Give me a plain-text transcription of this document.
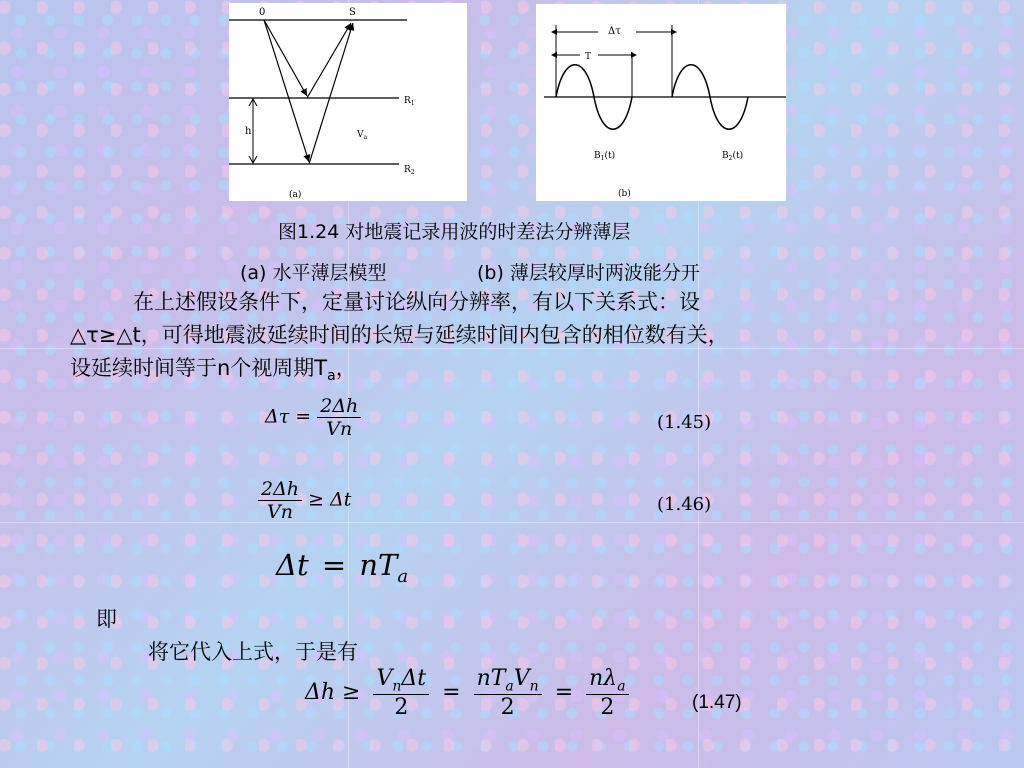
0	S
h
$R_1$
$R_2$
$V_a$
(a)
Δτ
T
$B_1(t)$	$B_2(t)$
(b)
图1.24 对地震记录用波的时差法分辨薄层
(a) 水平薄层模型	(b) 薄层较厚时两波能分开
在上述假设条件下，定量讨论纵向分辨率，有以下关系式：设
△τ≥△t，可得地震波延续时间的长短与延续时间内包含的相位数有关，
设延续时间等于n个视周期$T_a$，
$\Delta\tau = \frac{2\Delta h}{Vn}$	(1.45)
$\frac{2\Delta h}{Vn} \ge \Delta t$	(1.46)
$\Delta t = nT_a$
即
将它代入上式，于是有
$\Delta h \ge \frac{V_n\Delta t}{2} = \frac{nT_aV_n}{2} = \frac{n\lambda_a}{2}$	(1.47)
